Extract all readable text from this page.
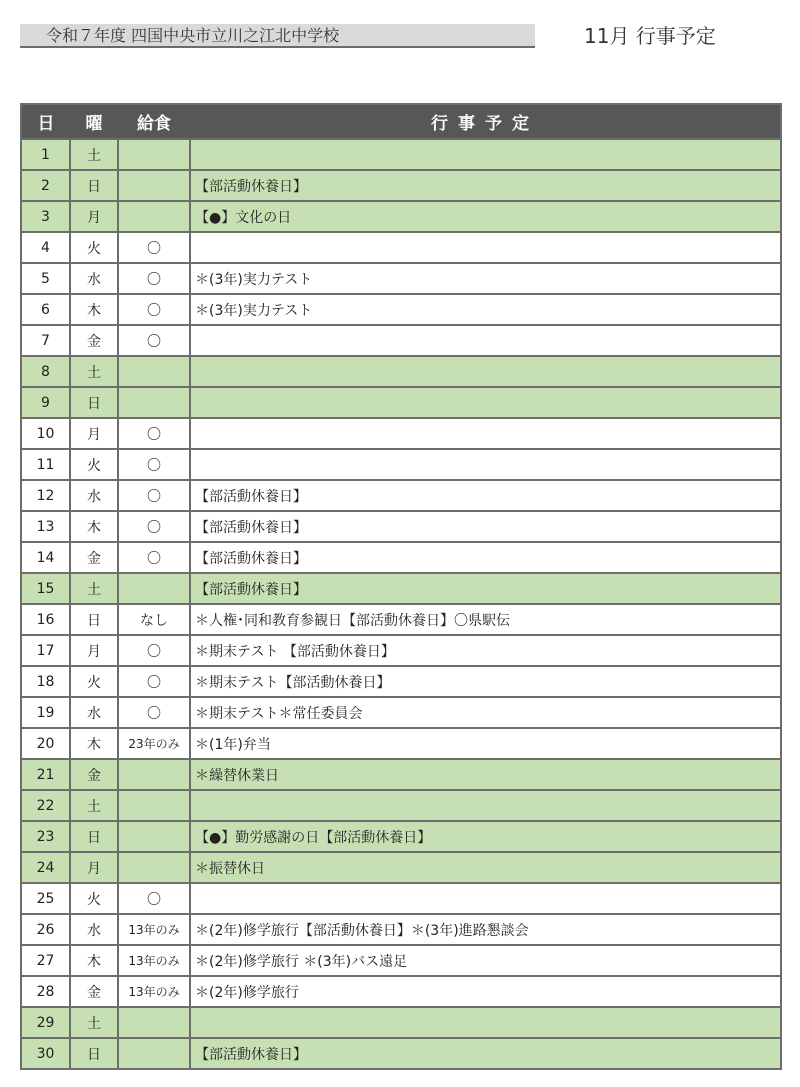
令和７年度 四国中央市立川之江北中学校	11月 行事予定
日	曜	給食	行事予定
1	土		
2	日		【部活動休養日】
3	月		【●】文化の日
4	火	〇	
5	水	〇	＊(3年)実力テスト
6	木	〇	＊(3年)実力テスト
7	金	〇	
8	土		
9	日		
10	月	〇	
11	火	〇	
12	水	〇	【部活動休養日】
13	木	〇	【部活動休養日】
14	金	〇	【部活動休養日】
15	土		【部活動休養日】
16	日	なし	＊人権･同和教育参観日【部活動休養日】〇県駅伝
17	月	〇	＊期末テスト 【部活動休養日】
18	火	〇	＊期末テスト【部活動休養日】
19	水	〇	＊期末テスト＊常任委員会
20	木	23年のみ	＊(1年)弁当
21	金		＊繰替休業日
22	土		
23	日		【●】勤労感謝の日【部活動休養日】
24	月		＊振替休日
25	火	〇	
26	水	13年のみ	＊(2年)修学旅行【部活動休養日】＊(3年)進路懇談会
27	木	13年のみ	＊(2年)修学旅行 ＊(3年)バス遠足
28	金	13年のみ	＊(2年)修学旅行
29	土		
30	日		【部活動休養日】
